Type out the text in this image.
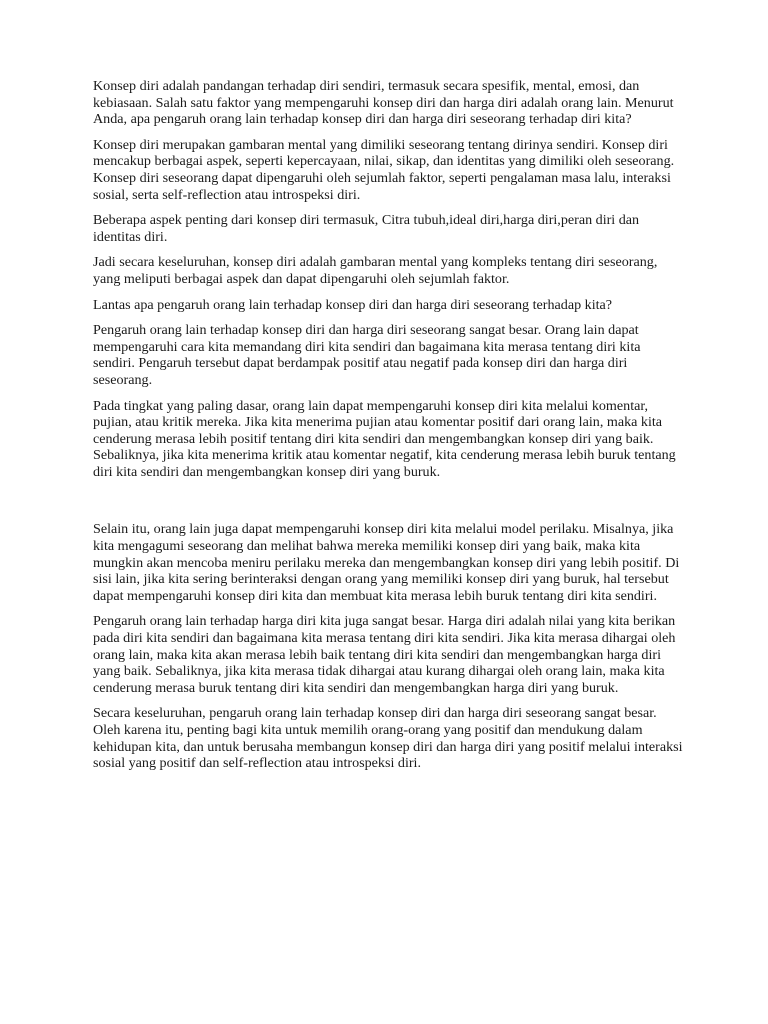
Konsep diri adalah pandangan terhadap diri sendiri, termasuk secara spesifik, mental, emosi, dan kebiasaan. Salah satu faktor yang mempengaruhi konsep diri dan harga diri adalah orang lain. Menurut Anda, apa pengaruh orang lain terhadap konsep diri dan harga diri seseorang terhadap diri kita?

Konsep diri merupakan gambaran mental yang dimiliki seseorang tentang dirinya sendiri. Konsep diri mencakup berbagai aspek, seperti kepercayaan, nilai, sikap, dan identitas yang dimiliki oleh seseorang. Konsep diri seseorang dapat dipengaruhi oleh sejumlah faktor, seperti pengalaman masa lalu, interaksi sosial, serta self-reflection atau introspeksi diri.

Beberapa aspek penting dari konsep diri termasuk, Citra tubuh,ideal diri,harga diri,peran diri dan identitas diri.

Jadi secara keseluruhan, konsep diri adalah gambaran mental yang kompleks tentang diri seseorang, yang meliputi berbagai aspek dan dapat dipengaruhi oleh sejumlah faktor.

Lantas apa pengaruh orang lain terhadap konsep diri dan harga diri seseorang terhadap kita?

Pengaruh orang lain terhadap konsep diri dan harga diri seseorang sangat besar. Orang lain dapat mempengaruhi cara kita memandang diri kita sendiri dan bagaimana kita merasa tentang diri kita sendiri. Pengaruh tersebut dapat berdampak positif atau negatif pada konsep diri dan harga diri seseorang.

Pada tingkat yang paling dasar, orang lain dapat mempengaruhi konsep diri kita melalui komentar, pujian, atau kritik mereka. Jika kita menerima pujian atau komentar positif dari orang lain, maka kita cenderung merasa lebih positif tentang diri kita sendiri dan mengembangkan konsep diri yang baik. Sebaliknya, jika kita menerima kritik atau komentar negatif, kita cenderung merasa lebih buruk tentang diri kita sendiri dan mengembangkan konsep diri yang buruk.

Selain itu, orang lain juga dapat mempengaruhi konsep diri kita melalui model perilaku. Misalnya, jika kita mengagumi seseorang dan melihat bahwa mereka memiliki konsep diri yang baik, maka kita mungkin akan mencoba meniru perilaku mereka dan mengembangkan konsep diri yang lebih positif. Di sisi lain, jika kita sering berinteraksi dengan orang yang memiliki konsep diri yang buruk, hal tersebut dapat mempengaruhi konsep diri kita dan membuat kita merasa lebih buruk tentang diri kita sendiri.

Pengaruh orang lain terhadap harga diri kita juga sangat besar. Harga diri adalah nilai yang kita berikan pada diri kita sendiri dan bagaimana kita merasa tentang diri kita sendiri. Jika kita merasa dihargai oleh orang lain, maka kita akan merasa lebih baik tentang diri kita sendiri dan mengembangkan harga diri yang baik. Sebaliknya, jika kita merasa tidak dihargai atau kurang dihargai oleh orang lain, maka kita cenderung merasa buruk tentang diri kita sendiri dan mengembangkan harga diri yang buruk.

Secara keseluruhan, pengaruh orang lain terhadap konsep diri dan harga diri seseorang sangat besar. Oleh karena itu, penting bagi kita untuk memilih orang-orang yang positif dan mendukung dalam kehidupan kita, dan untuk berusaha membangun konsep diri dan harga diri yang positif melalui interaksi sosial yang positif dan self-reflection atau introspeksi diri.
